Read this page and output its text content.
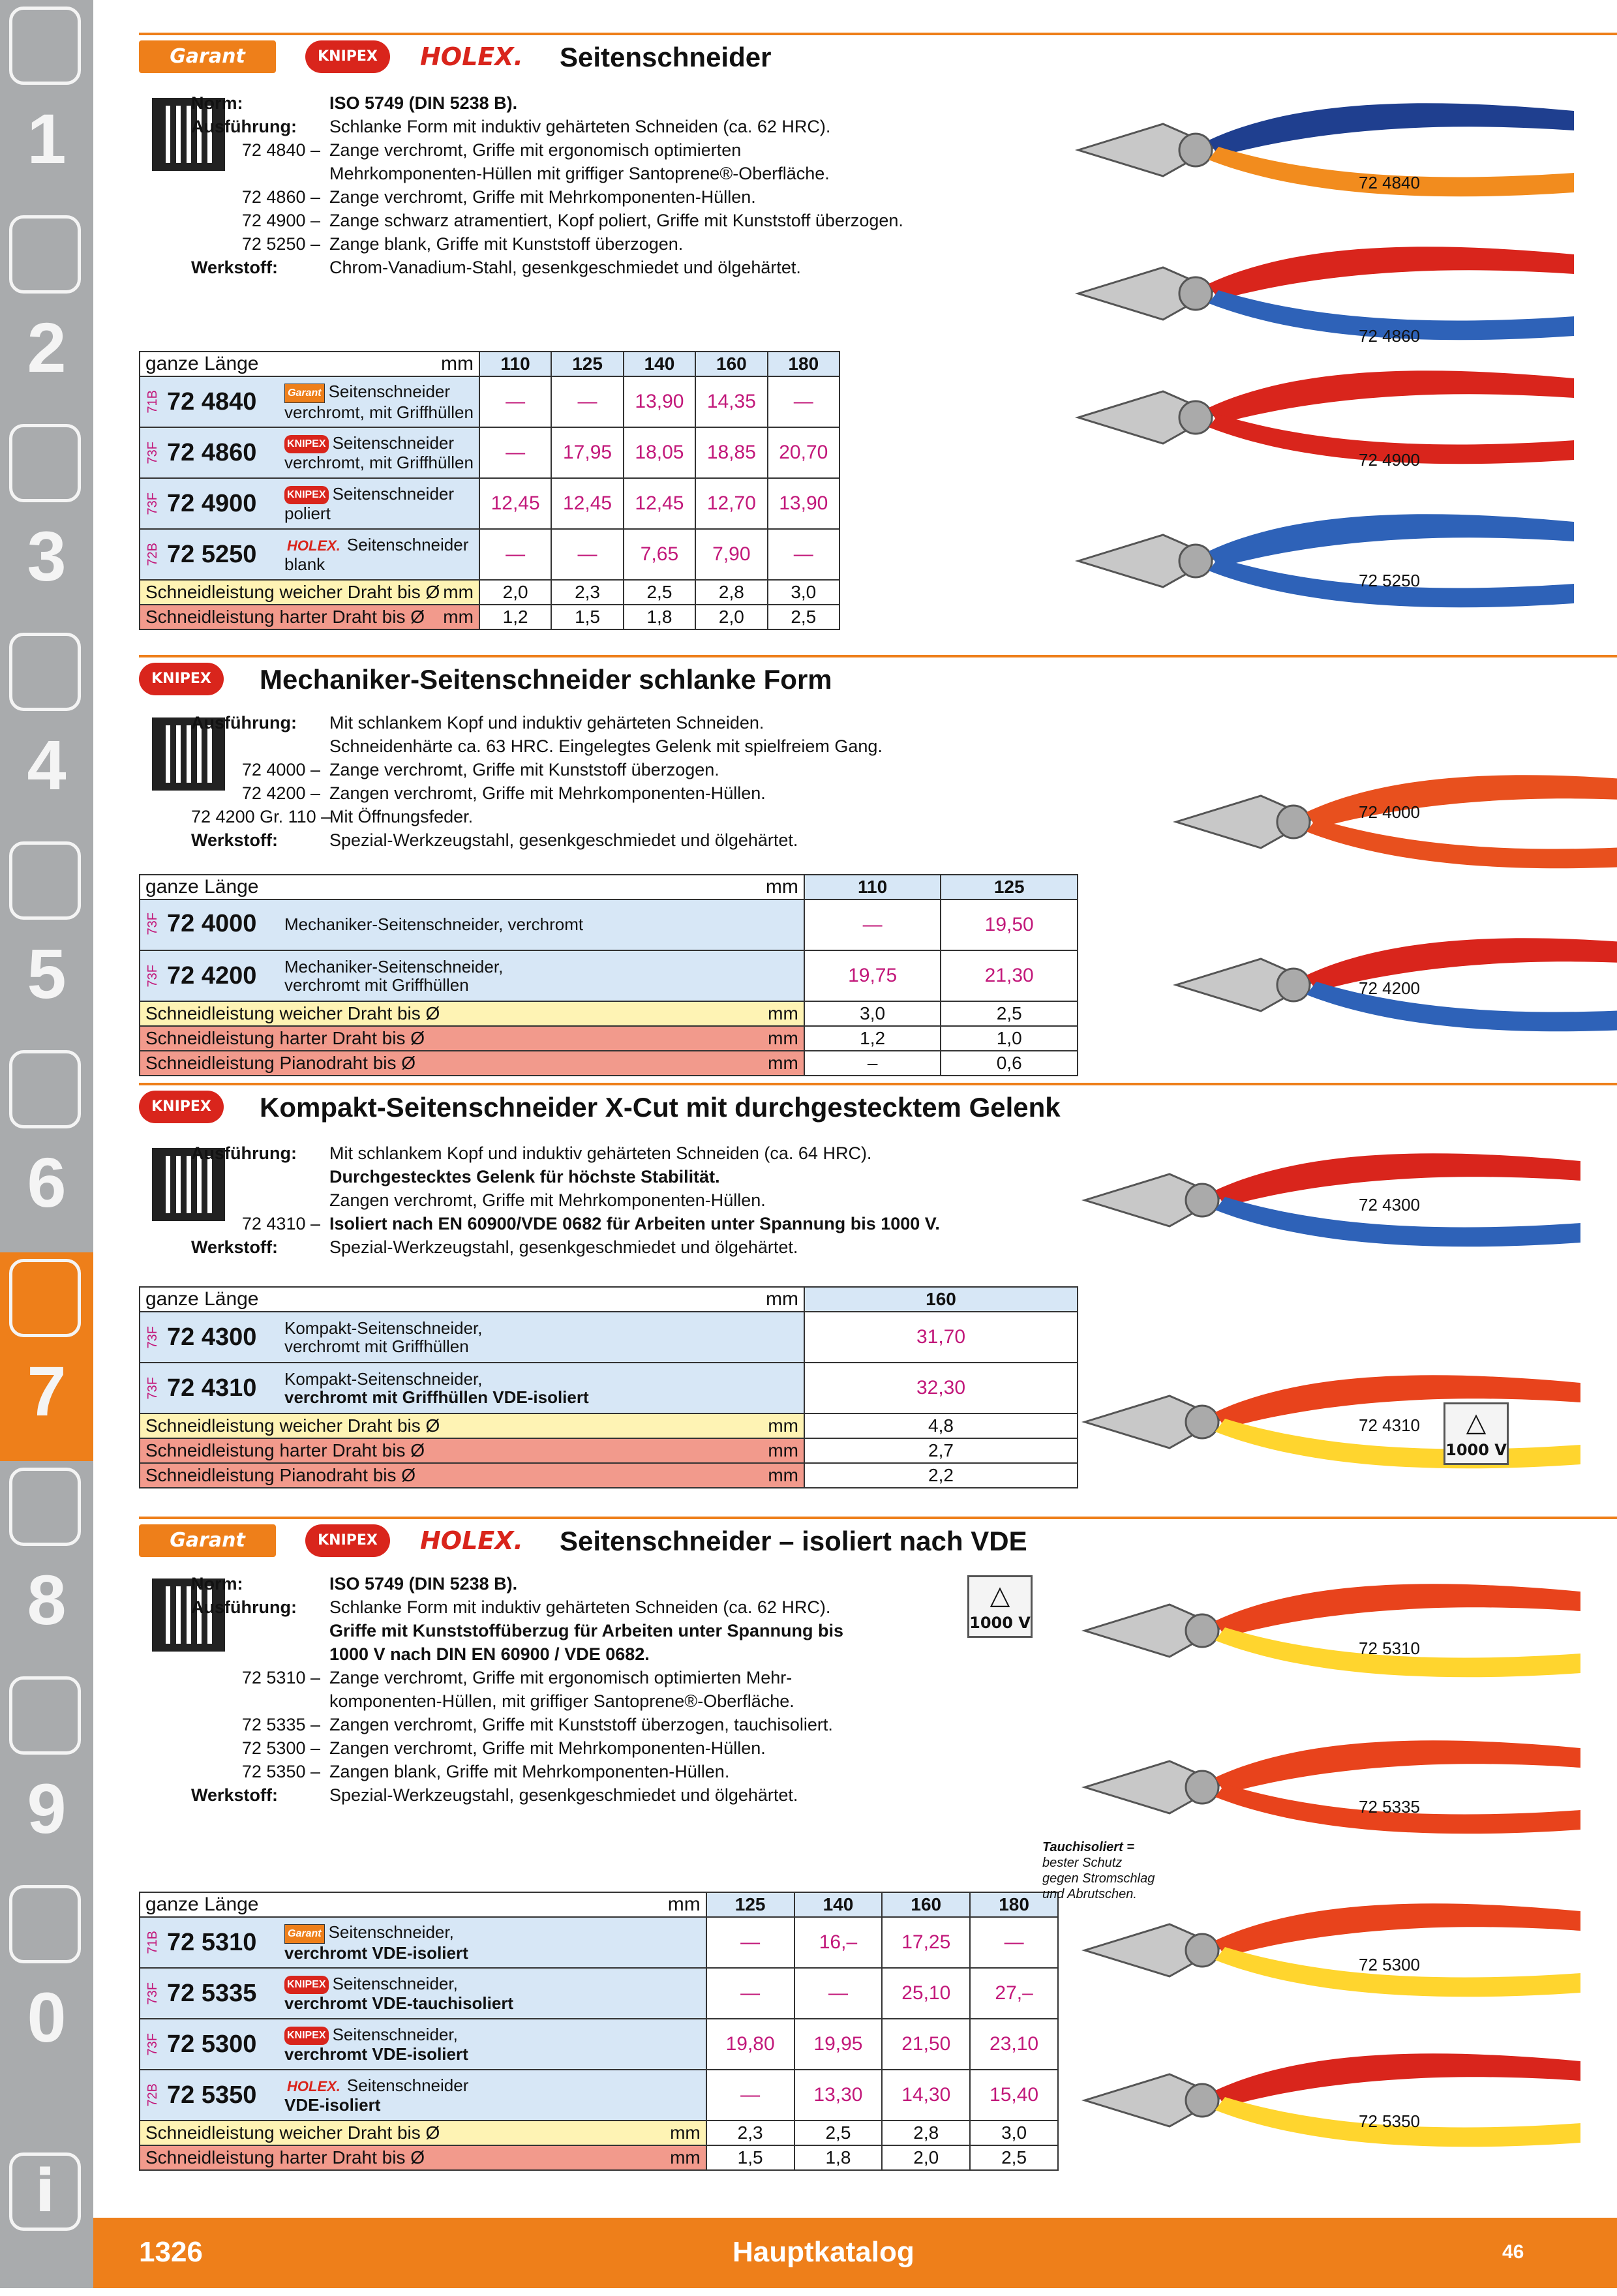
1
2
3
4
5
6
7
8
9
0
i
Garant	KNIPEX	HOLEX. Seitenschneider
Norm:	ISO 5749 (DIN 5238 B).
Ausführung:	Schlanke Form mit induktiv gehärteten Schneiden (ca. 62 HRC).
72 4840 – Zange verchromt, Griffe mit ergonomisch optimierten
Mehrkomponenten-Hüllen mit griffiger Santoprene®-Oberfläche.
72 4860 – Zange verchromt, Griffe mit Mehrkomponenten-Hüllen.
72 4900 – Zange schwarz atramentiert, Kopf poliert, Griffe mit Kunststoff überzogen.
72 5250 – Zange blank, Griffe mit Kunststoff überzogen.
Werkstoff:	Chrom-Vanadium-Stahl, gesenkgeschmiedet und ölgehärtet.
ganze Länge mm	110	125	140	160	180

71B 72 4840 Garant Seitenschneider
verchromt, mit Griffhüllen	—	—	13,90	14,35	—

73F 72 4860 KNIPEX Seitenschneider
verchromt, mit Griffhüllen	—	17,95	18,05	18,85	20,70

73F 72 4900 KNIPEX Seitenschneider
poliert	12,45	12,45	12,45	12,70	13,90

72B 72 5250 HOLEX. Seitenschneider
blank	—	—	7,65	7,90	—
Schneidleistung weicher Draht bis Ø mm	2,0	2,3	2,5	2,8	3,0
Schneidleistung harter Draht bis Ø mm	1,2	1,5	1,8	2,0	2,5
72 4840
72 4860
72 4900
72 5250
KNIPEX	Mechaniker-Seitenschneider schlanke Form
Ausführung:	Mit schlankem Kopf und induktiv gehärteten Schneiden.
Schneidenhärte ca. 63 HRC. Eingelegtes Gelenk mit spielfreiem Gang.
72 4000 – Zange verchromt, Griffe mit Kunststoff überzogen.
72 4200 – Zangen verchromt, Griffe mit Mehrkomponenten-Hüllen.
72 4200 Gr. 110 –
Mit Öffnungsfeder.
Werkstoff:	Spezial-Werkzeugstahl, gesenkgeschmiedet und ölgehärtet.
ganze Länge mm	110	125

73F 72 4000 Mechaniker-Seitenschneider, verchromt	—	19,50

73F 72 4200 Mechaniker-Seitenschneider,
verchromt mit Griffhüllen	19,75	21,30
Schneidleistung weicher Draht bis Ø mm	3,0	2,5
Schneidleistung harter Draht bis Ø mm	1,2	1,0
Schneidleistung Pianodraht bis Ø mm	–	0,6
72 4000
72 4200
KNIPEX	Kompakt-Seitenschneider X-Cut mit durchgestecktem Gelenk
Ausführung:	Mit schlankem Kopf und induktiv gehärteten Schneiden (ca. 64 HRC).
Durchgestecktes Gelenk für höchste Stabilität.
Zangen verchromt, Griffe mit Mehrkomponenten-Hüllen.
72 4310 – Isoliert nach EN 60900/VDE 0682 für Arbeiten unter Spannung bis 1000 V.
Werkstoff:	Spezial-Werkzeugstahl, gesenkgeschmiedet und ölgehärtet.
ganze Länge mm	160

73F 72 4300 Kompakt-Seitenschneider,
verchromt mit Griffhüllen	31,70

73F 72 4310 Kompakt-Seitenschneider,
verchromt mit Griffhüllen VDE-isoliert	32,30
Schneidleistung weicher Draht bis Ø mm	4,8
Schneidleistung harter Draht bis Ø mm	2,7
Schneidleistung Pianodraht bis Ø mm	2,2
72 4300
72 4310	△
1000 V
Garant	KNIPEX	HOLEX. Seitenschneider – isoliert nach VDE
Norm:	ISO 5749 (DIN 5238 B).
Ausführung:	Schlanke Form mit induktiv gehärteten Schneiden (ca. 62 HRC).
Griffe mit Kunststoffüberzug für Arbeiten unter Spannung bis
1000 V nach DIN EN 60900 / VDE 0682.
72 5310 – Zange verchromt, Griffe mit ergonomisch optimierten Mehr-
komponenten-Hüllen, mit griffiger Santoprene®-Oberfläche.
72 5335 – Zangen verchromt, Griffe mit Kunststoff überzogen, tauchisoliert.
72 5300 – Zangen verchromt, Griffe mit Mehrkomponenten-Hüllen.
72 5350 – Zangen blank, Griffe mit Mehrkomponenten-Hüllen.
Werkstoff:	Spezial-Werkzeugstahl, gesenkgeschmiedet und ölgehärtet.
ganze Länge mm	125	140	160	180

71B 72 5310 Garant Seitenschneider,
verchromt VDE-isoliert	—	16,–	17,25	—

73F 72 5335 KNIPEX Seitenschneider,
verchromt VDE-tauchisoliert	—	—	25,10	27,–

73F 72 5300 KNIPEX Seitenschneider,
verchromt VDE-isoliert	19,80	19,95	21,50	23,10

72B 72 5350 HOLEX. Seitenschneider
VDE-isoliert	—	13,30	14,30	15,40
Schneidleistung weicher Draht bis Ø mm	2,3	2,5	2,8	3,0
Schneidleistung harter Draht bis Ø mm	1,5	1,8	2,0	2,5
72 5310
72 5335
72 5300
72 5350
△
1000 V
Tauchisoliert =
bester Schutz
gegen Stromschlag
und Abrutschen.
1326	Hauptkatalog	46
